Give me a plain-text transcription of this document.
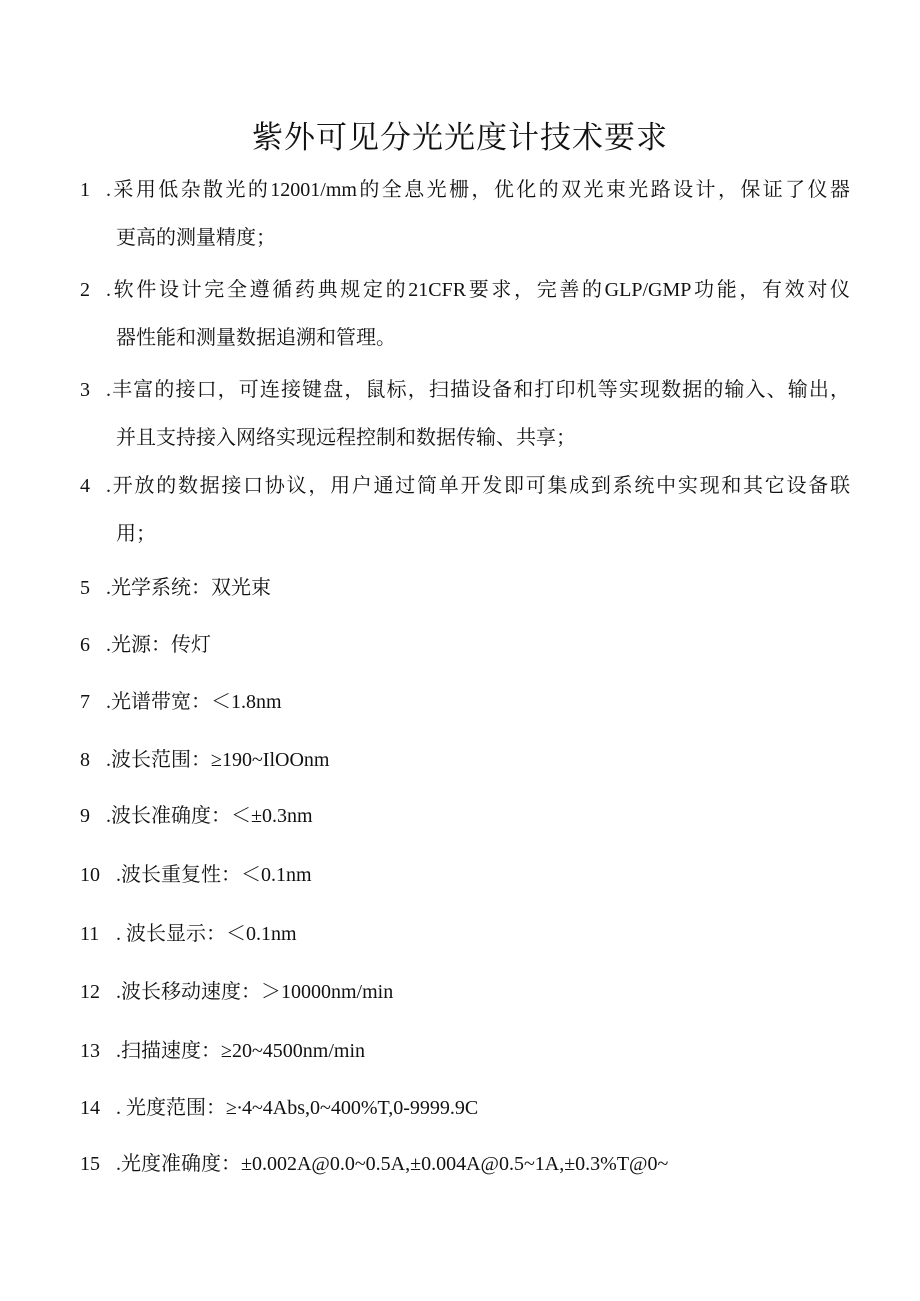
紫外可见分光光度计技术要求

1 .采用低杂散光的12001/mm的全息光栅，优化的双光束光路设计，保证了仪器
更高的测量精度；

2 .软件设计完全遵循药典规定的21CFR要求，完善的GLP/GMP功能，有效对仪
器性能和测量数据追溯和管理。

3 .丰富的接口，可连接键盘，鼠标，扫描设备和打印机等实现数据的输入、输出，
并且支持接入网络实现远程控制和数据传输、共享；

4 .开放的数据接口协议，用户通过简单开发即可集成到系统中实现和其它设备联
用；

5 .光学系统：双光束

6 .光源：传灯

7 .光谱带宽：＜1.8nm

8 .波长范围：≥190~IlOOnm

9 .波长准确度：＜±0.3nm

10 .波长重复性：＜0.1nm

11 . 波长显示：＜0.1nm

12 .波长移动速度：＞10000nm/min

13 .扫描速度：≥20~4500nm/min

14 . 光度范围：≥∙4~4Abs,0~400%T,0-9999.9C

15 .光度准确度：±0.002A@0.0~0.5A,±0.004A@0.5~1A,±0.3%T@0~
